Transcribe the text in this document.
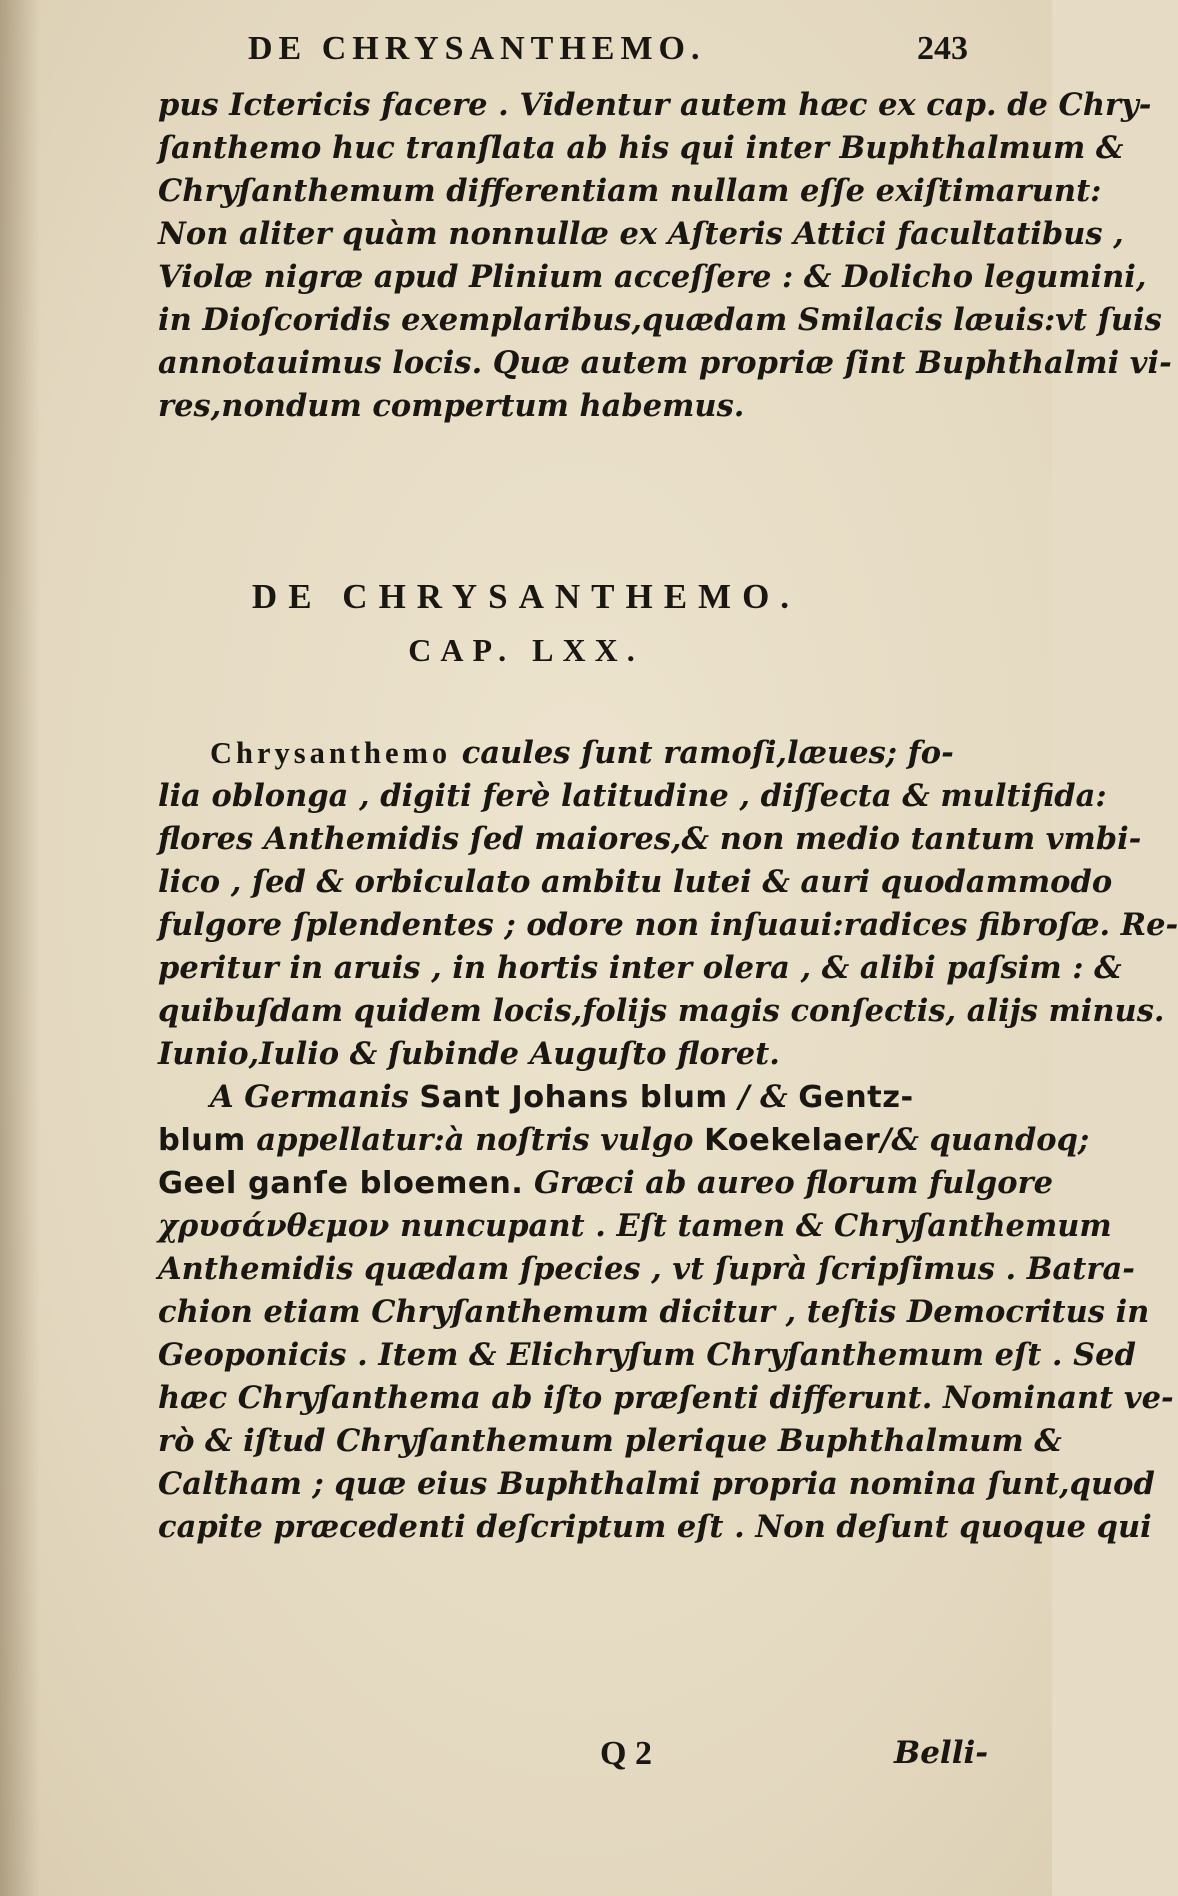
DE CHRYSANTHEMO.	243
pus Ictericis facere . Videntur autem hæc ex cap. de Chry-
ſanthemo huc tranſlata ab his qui inter Buphthalmum &
Chryſanthemum differentiam nullam eſſe exiſtimarunt:
Non aliter quàm nonnullæ ex Aſteris Attici facultatibus ,
Violæ nigræ apud Plinium acceſſere : & Dolicho legumini,
in Dioſcoridis exemplaribus,quædam Smilacis læuis:vt ſuis
annotauimus locis. Quæ autem propriæ ſint Buphthalmi vi-
res,nondum compertum habemus.
DE CHRYSANTHEMO.
CAP. LXX.
Chrysanthemo caules ſunt ramoſi,læues; fo-
lia oblonga , digiti ferè latitudine , diſſecta & multifida:
flores Anthemidis ſed maiores,& non medio tantum vmbi-
lico , ſed & orbiculato ambitu lutei & auri quodammodo
fulgore ſplendentes ; odore non inſuaui:radices fibroſæ. Re-
peritur in aruis , in hortis inter olera , & alibi paſsim : &
quibuſdam quidem locis,folijs magis conſectis, alijs minus.
Iunio,Iulio & ſubinde Auguſto floret.
A Germanis Sant Johans blum / & Gentz-
blum appellatur:à noſtris vulgo Koekelaer/& quandoq;
Geel ganſe bloemen. Græci ab aureo florum fulgore
χρυσάνθεμον nuncupant . Eſt tamen & Chryſanthemum
Anthemidis quædam ſpecies , vt ſuprà ſcripſimus . Batra-
chion etiam Chryſanthemum dicitur , teſtis Democritus in
Geoponicis . Item & Elichryſum Chryſanthemum eſt . Sed
hæc Chryſanthema ab iſto præſenti differunt. Nominant ve-
rò & iſtud Chryſanthemum plerique Buphthalmum &
Caltham ; quæ eius Buphthalmi propria nomina ſunt,quod
capite præcedenti deſcriptum eſt . Non deſunt quoque qui
Q 2	Belli-
